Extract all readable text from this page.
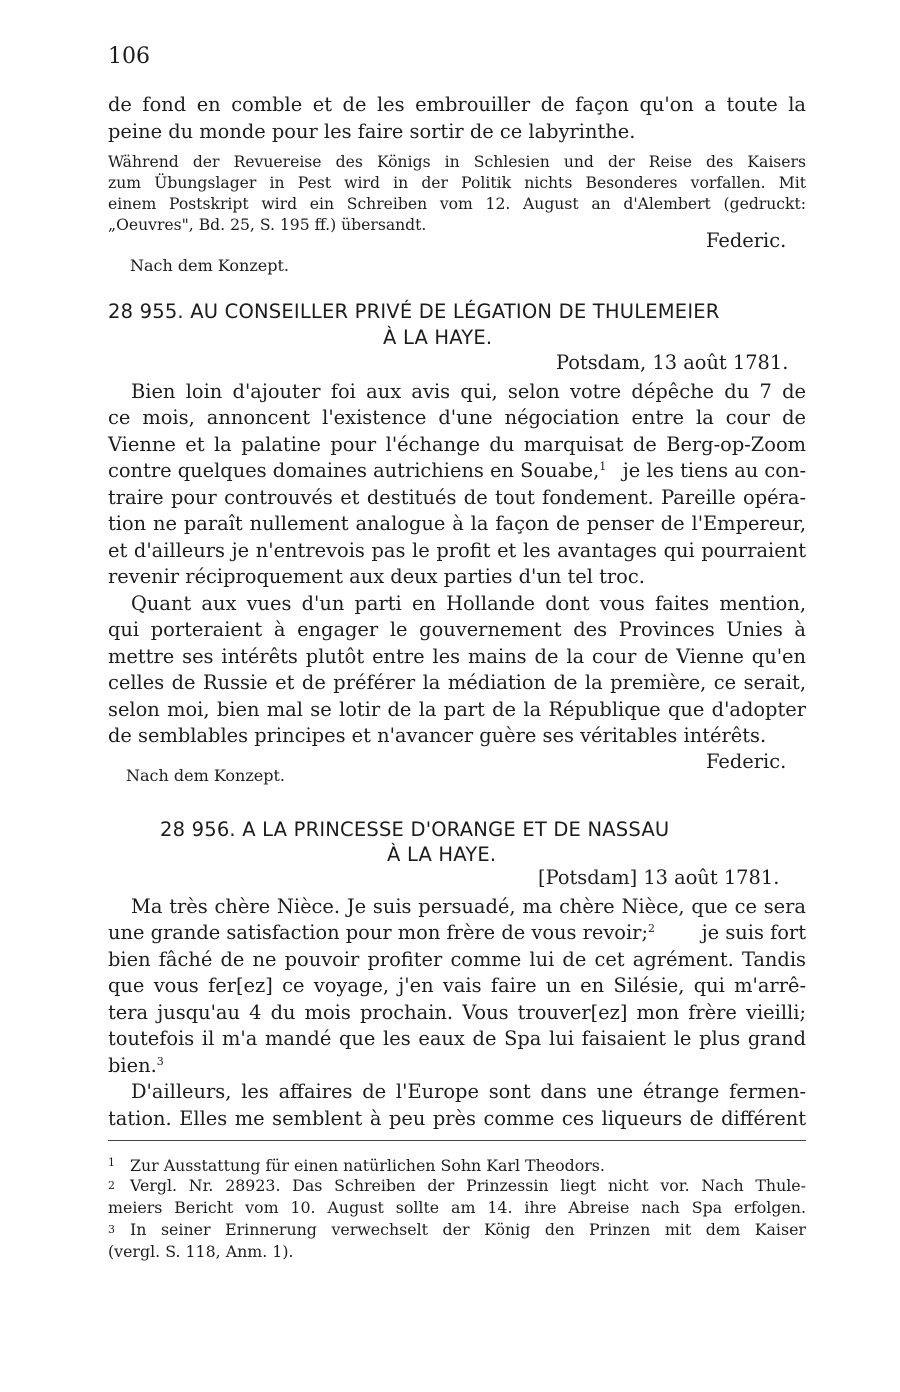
106
de fond en comble et de les embrouiller de façon qu'on a toute la
peine du monde pour les faire sortir de ce labyrinthe.
Während der Revuereise des Königs in Schlesien und der Reise des Kaisers
zum Übungslager in Pest wird in der Politik nichts Besonderes vorfallen. Mit
einem Postskript wird ein Schreiben vom 12. August an d'Alembert (gedruckt:
„Oeuvres", Bd. 25, S. 195 ff.) übersandt.
Federic.
Nach dem Konzept.
28 955. AU CONSEILLER PRIVÉ DE LÉGATION DE THULEMEIER
À LA HAYE.
Potsdam, 13 août 1781.
Bien loin d'ajouter foi aux avis qui, selon votre dépêche du 7 de
ce mois, annoncent l'existence d'une négociation entre la cour de
Vienne et la palatine pour l'échange du marquisat de Berg-op-Zoom
contre quelques domaines autrichiens en Souabe,$^1$ je les tiens au con-
traire pour controuvés et destitués de tout fondement. Pareille opéra-
tion ne paraît nullement analogue à la façon de penser de l'Empereur,
et d'ailleurs je n'entrevois pas le profit et les avantages qui pourraient
revenir réciproquement aux deux parties d'un tel troc.
Quant aux vues d'un parti en Hollande dont vous faites mention,
qui porteraient à engager le gouvernement des Provinces Unies à
mettre ses intérêts plutôt entre les mains de la cour de Vienne qu'en
celles de Russie et de préférer la médiation de la première, ce serait,
selon moi, bien mal se lotir de la part de la République que d'adopter
de semblables principes et n'avancer guère ses véritables intérêts.
Federic.
Nach dem Konzept.
28 956. A LA PRINCESSE D'ORANGE ET DE NASSAU
À LA HAYE.
[Potsdam] 13 août 1781.
Ma très chère Nièce. Je suis persuadé, ma chère Nièce, que ce sera
une grande satisfaction pour mon frère de vous revoir;$^2$ je suis fort
bien fâché de ne pouvoir profiter comme lui de cet agrément. Tandis
que vous fer[ez] ce voyage, j'en vais faire un en Silésie, qui m'arrê-
tera jusqu'au 4 du mois prochain. Vous trouver[ez] mon frère vieilli;
toutefois il m'a mandé que les eaux de Spa lui faisaient le plus grand
bien.$^3$
D'ailleurs, les affaires de l'Europe sont dans une étrange fermen-
tation. Elles me semblent à peu près comme ces liqueurs de différent
1 Zur Ausstattung für einen natürlichen Sohn Karl Theodors.
2 Vergl. Nr. 28923. Das Schreiben der Prinzessin liegt nicht vor. Nach Thule-
meiers Bericht vom 10. August sollte am 14. ihre Abreise nach Spa erfolgen.
3 In seiner Erinnerung verwechselt der König den Prinzen mit dem Kaiser
(vergl. S. 118, Anm. 1).
